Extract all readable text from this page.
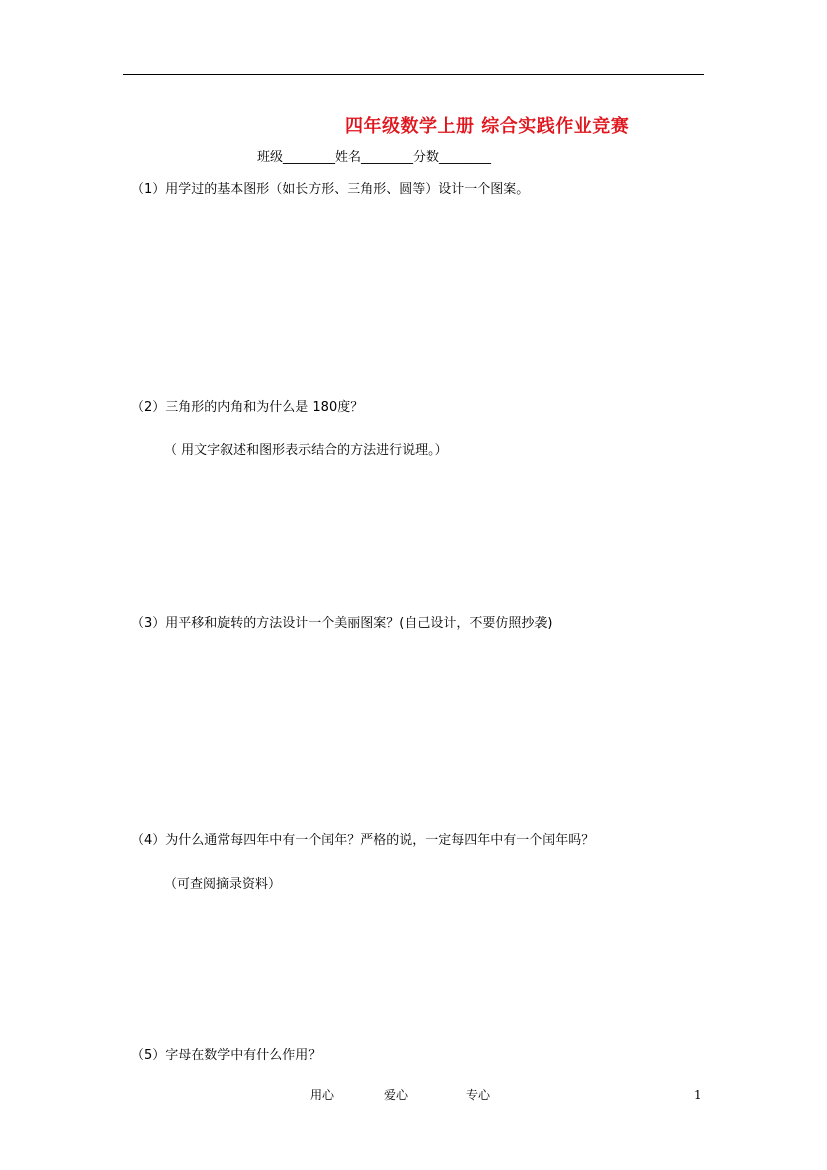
四年级数学上册 综合实践作业竞赛
班级________姓名________分数________
（1）用学过的基本图形（如长方形、三角形、圆等）设计一个图案。
（2）三角形的内角和为什么是 180度？
（ 用文字叙述和图形表示结合的方法进行说理。）
（3）用平移和旋转的方法设计一个美丽图案？(自己设计，不要仿照抄袭)
（4）为什么通常每四年中有一个闰年？严格的说，一定每四年中有一个闰年吗？
（可查阅摘录资料）
（5）字母在数学中有什么作用？
用心	爱心	专心	1
